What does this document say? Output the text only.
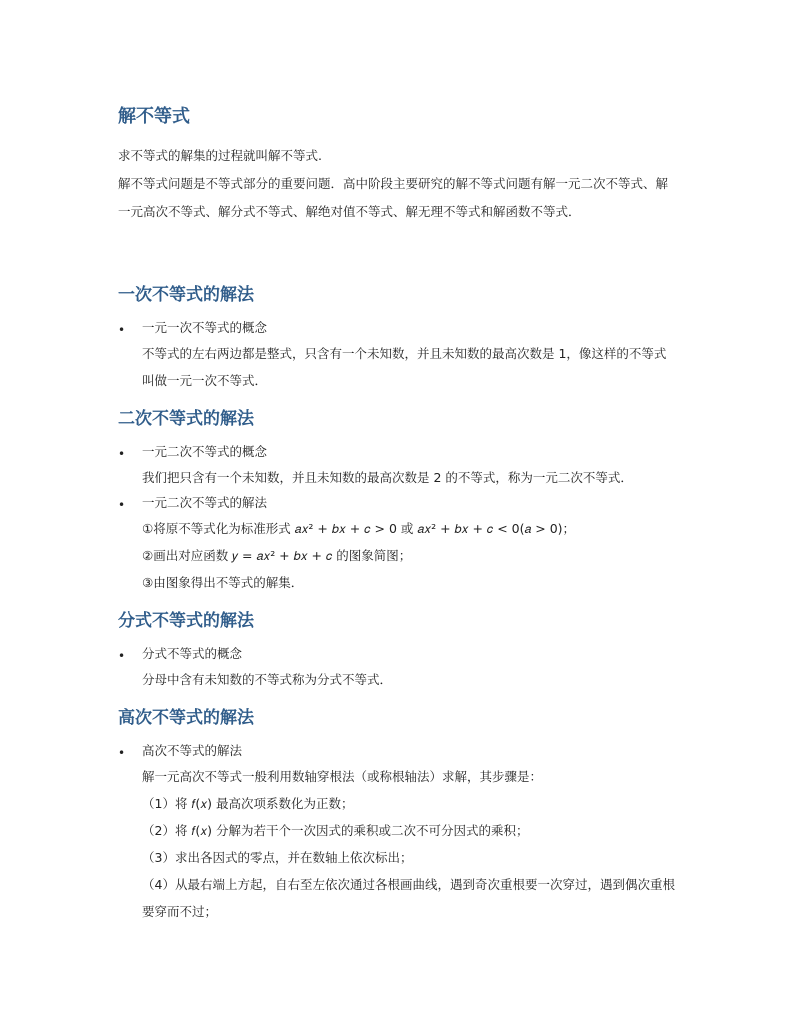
解不等式

求不等式的解集的过程就叫解不等式.

解不等式问题是不等式部分的重要问题．高中阶段主要研究的解不等式问题有解一元二次不等式、解一元高次不等式、解分式不等式、解绝对值不等式、解无理不等式和解函数不等式．

一次不等式的解法
• 一元一次不等式的概念

不等式的左右两边都是整式，只含有一个未知数，并且未知数的最高次数是 1，像这样的不等式叫做一元一次不等式．

二次不等式的解法
• 一元二次不等式的概念

我们把只含有一个未知数，并且未知数的最高次数是 2 的不等式，称为一元二次不等式．

• 一元二次不等式的解法

①将原不等式化为标准形式 𝑎𝑥² + 𝑏𝑥 + 𝑐 > 0 或 𝑎𝑥² + 𝑏𝑥 + 𝑐 < 0(𝑎 > 0)；

②画出对应函数 𝑦 = 𝑎𝑥² + 𝑏𝑥 + 𝑐 的图象简图；

③由图象得出不等式的解集．

分式不等式的解法
• 分式不等式的概念

分母中含有未知数的不等式称为分式不等式．

高次不等式的解法
• 高次不等式的解法

解一元高次不等式一般利用数轴穿根法（或称根轴法）求解，其步骤是：

（1）将 𝑓(𝑥) 最高次项系数化为正数；

（2）将 𝑓(𝑥) 分解为若干个一次因式的乘积或二次不可分因式的乘积；

（3）求出各因式的零点，并在数轴上依次标出；

（4）从最右端上方起，自右至左依次通过各根画曲线，遇到奇次重根要一次穿过，遇到偶次重根要穿而不过；
